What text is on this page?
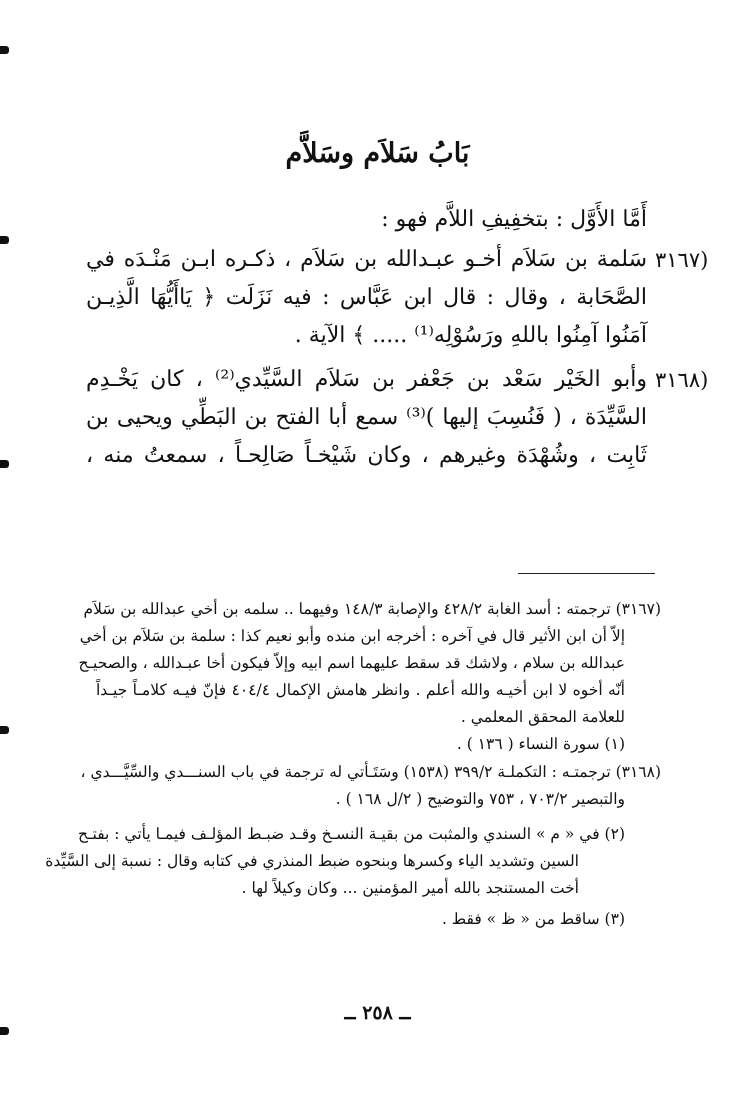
بَابُ سَلاَم وسَلاَّم
أَمَّا الأَوَّل : بتخفِيفِ اللاَّم فهو :
سَلمة بن سَلاَم أخـو عبـدالله بن سَلاَم ، ذكـره ابـن مَنْـدَه في
الصَّحَابة ، وقال : قال ابن عَبَّاس : فيه نَزَلَت ﴿ يَاأَيُّهَا الَّذِيـن
آمَنُوا آمِنُوا باللهِ ورَسُوْلِه⁽¹⁾ ..... ﴾ الآية .
وأبو الخَيْر سَعْد بن جَعْفر بن سَلاَم السَّيِّدي⁽²⁾ ، كان يَخْـدِم
السَّيِّدَة ، ( فَنُسِبَ إليها )⁽³⁾ سمع أبا الفتح بن البَطِّي ويحيى بن
ثَابِت ، وشُهْدَة وغيرهم ، وكان شَيْخـاً صَالِحـاً ، سمعتُ منه ،
(٣١٦٧
(٣١٦٨
(٣١٦٧) ترجمته : أسد الغابة ٤٢٨/٢ والإصابة ١٤٨/٣ وفيهما .. سلمه بن أخي عبدالله بن سَلاَم
إلاّ أن ابن الأثير قال في آخره : أخرجه ابن منده وأبو نعيم كذا : سلمة بن سَلاَم بن أخي
عبدالله بن سلام ، ولاشك قد سقط عليهما اسم ابيه وإلاّ فيكون أخا عبـدالله ، والصحيـح
أنّه أخوه لا ابن أخيـه والله أعلم . وانظر هامش الإكمال ٤٠٤/٤ فإنّ فيـه كلامـاً جيـداً
للعلامة المحقق المعلمي .
(١) سورة النساء ( ١٣٦ ) .
(٣١٦٨) ترجمتـه : التكملـة ٣٩٩/٢ (١٥٣٨) وسَتَـأتي له ترجمة في باب السنـــدي والسِّيَّـــدي ،
والتبصير ٧٠٣/٢ ، ٧٥٣ والتوضيح ( ٢/ل ١٦٨ ) .
(٢) في « م » السندي والمثبت من بقيـة النسـخ وقـد ضبـط المؤلـف فيمـا يأتي : بفتـح
السين وتشديد الياء وكسرها وبنحوه ضبط المنذري في كتابه وقال : نسبة إلى السَّيِّدة
أخت المستنجد بالله أمير المؤمنين ... وكان وكيلاً لها .
(٣) ساقط من « ظ » فقط .
ــ ٢٥٨ ــ
